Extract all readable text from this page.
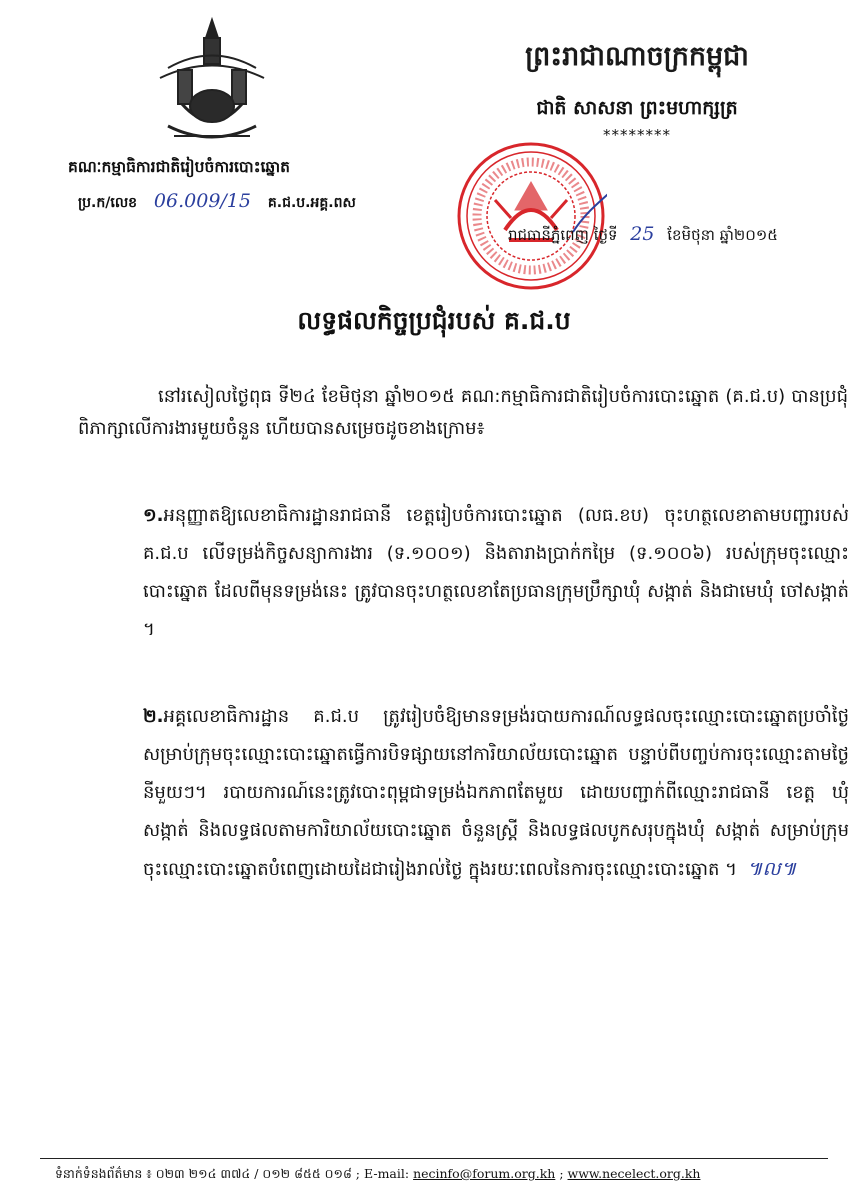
ព្រះរាជាណាចក្រកម្ពុជា
ជាតិ សាសនា ព្រះមហាក្សត្រ
********
គណៈកម្មាធិការជាតិរៀបចំការបោះឆ្នោត
ប្រ.ក/លេខ 06.009/15 គ.ជ.ប.អគ្គ.ពស
រាជធានីភ្នំពេញ ថ្ងៃទី 25 ខែមិថុនា ឆ្នាំ២០១៥
លទ្ធផលកិច្ចប្រជុំរបស់ គ.ជ.ប
នៅរសៀលថ្ងៃពុធ ទី២៤ ខែមិថុនា ឆ្នាំ២០១៥ គណ:កម្មាធិការជាតិរៀបចំការបោះឆ្នោត (គ.ជ.ប) បានប្រជុំពិភាក្សាលើការងារមួយចំនួន ហើយបានសម្រេចដូចខាងក្រោម៖
១.អនុញ្ញាតឱ្យលេខាធិការដ្ឋានរាជធានី ខេត្តរៀបចំការបោះឆ្នោត (លធ.ខប) ចុះហត្ថលេខាតាមបញ្ជារបស់ គ.ជ.ប លើទម្រង់កិច្ចសន្យាការងារ (ទ.១០០១) និងតារាងប្រាក់កម្រៃ (ទ.១០០៦) របស់ក្រុមចុះឈ្មោះបោះឆ្នោត ដែលពីមុនទម្រង់នេះ ត្រូវបានចុះហត្ថលេខាតែប្រធានក្រុមប្រឹក្សាឃុំ សង្កាត់ និងជាមេឃុំ ចៅសង្កាត់ ។
២.អគ្គលេខាធិការដ្ឋាន គ.ជ.ប ត្រូវរៀបចំឱ្យមានទម្រង់របាយការណ៍លទ្ធផលចុះឈ្មោះបោះឆ្នោតប្រចាំថ្ងៃ សម្រាប់ក្រុមចុះឈ្មោះបោះឆ្នោតធ្វើការបិទផ្សាយនៅការិយាល័យបោះឆ្នោត បន្ទាប់ពីបញ្ចប់ការចុះឈ្មោះតាមថ្ងៃនីមួយៗ។ របាយការណ៍នេះត្រូវបោះពុម្ពជាទម្រង់ឯកភាពតែមួយ ដោយបញ្ជាក់ពីឈ្មោះរាជធានី ខេត្ត ឃុំ សង្កាត់ និងលទ្ធផលតាមការិយាល័យបោះឆ្នោត ចំនួនស្ត្រី និងលទ្ធផលបូកសរុបក្នុងឃុំ សង្កាត់ សម្រាប់ក្រុមចុះឈ្មោះបោះឆ្នោតបំពេញដោយដៃជារៀងរាល់ថ្ងៃ ក្នុងរយៈពេលនៃការចុះឈ្មោះបោះឆ្នោត ។ ៕ល៕
ទំនាក់ទំនងព័ត៌មាន ៖ ០២៣ ២១៤ ៣៧៤ / ០១២ ៨៥៥ ០១៨ ; E-mail: necinfo@forum.org.kh ; www.necelect.org.kh
